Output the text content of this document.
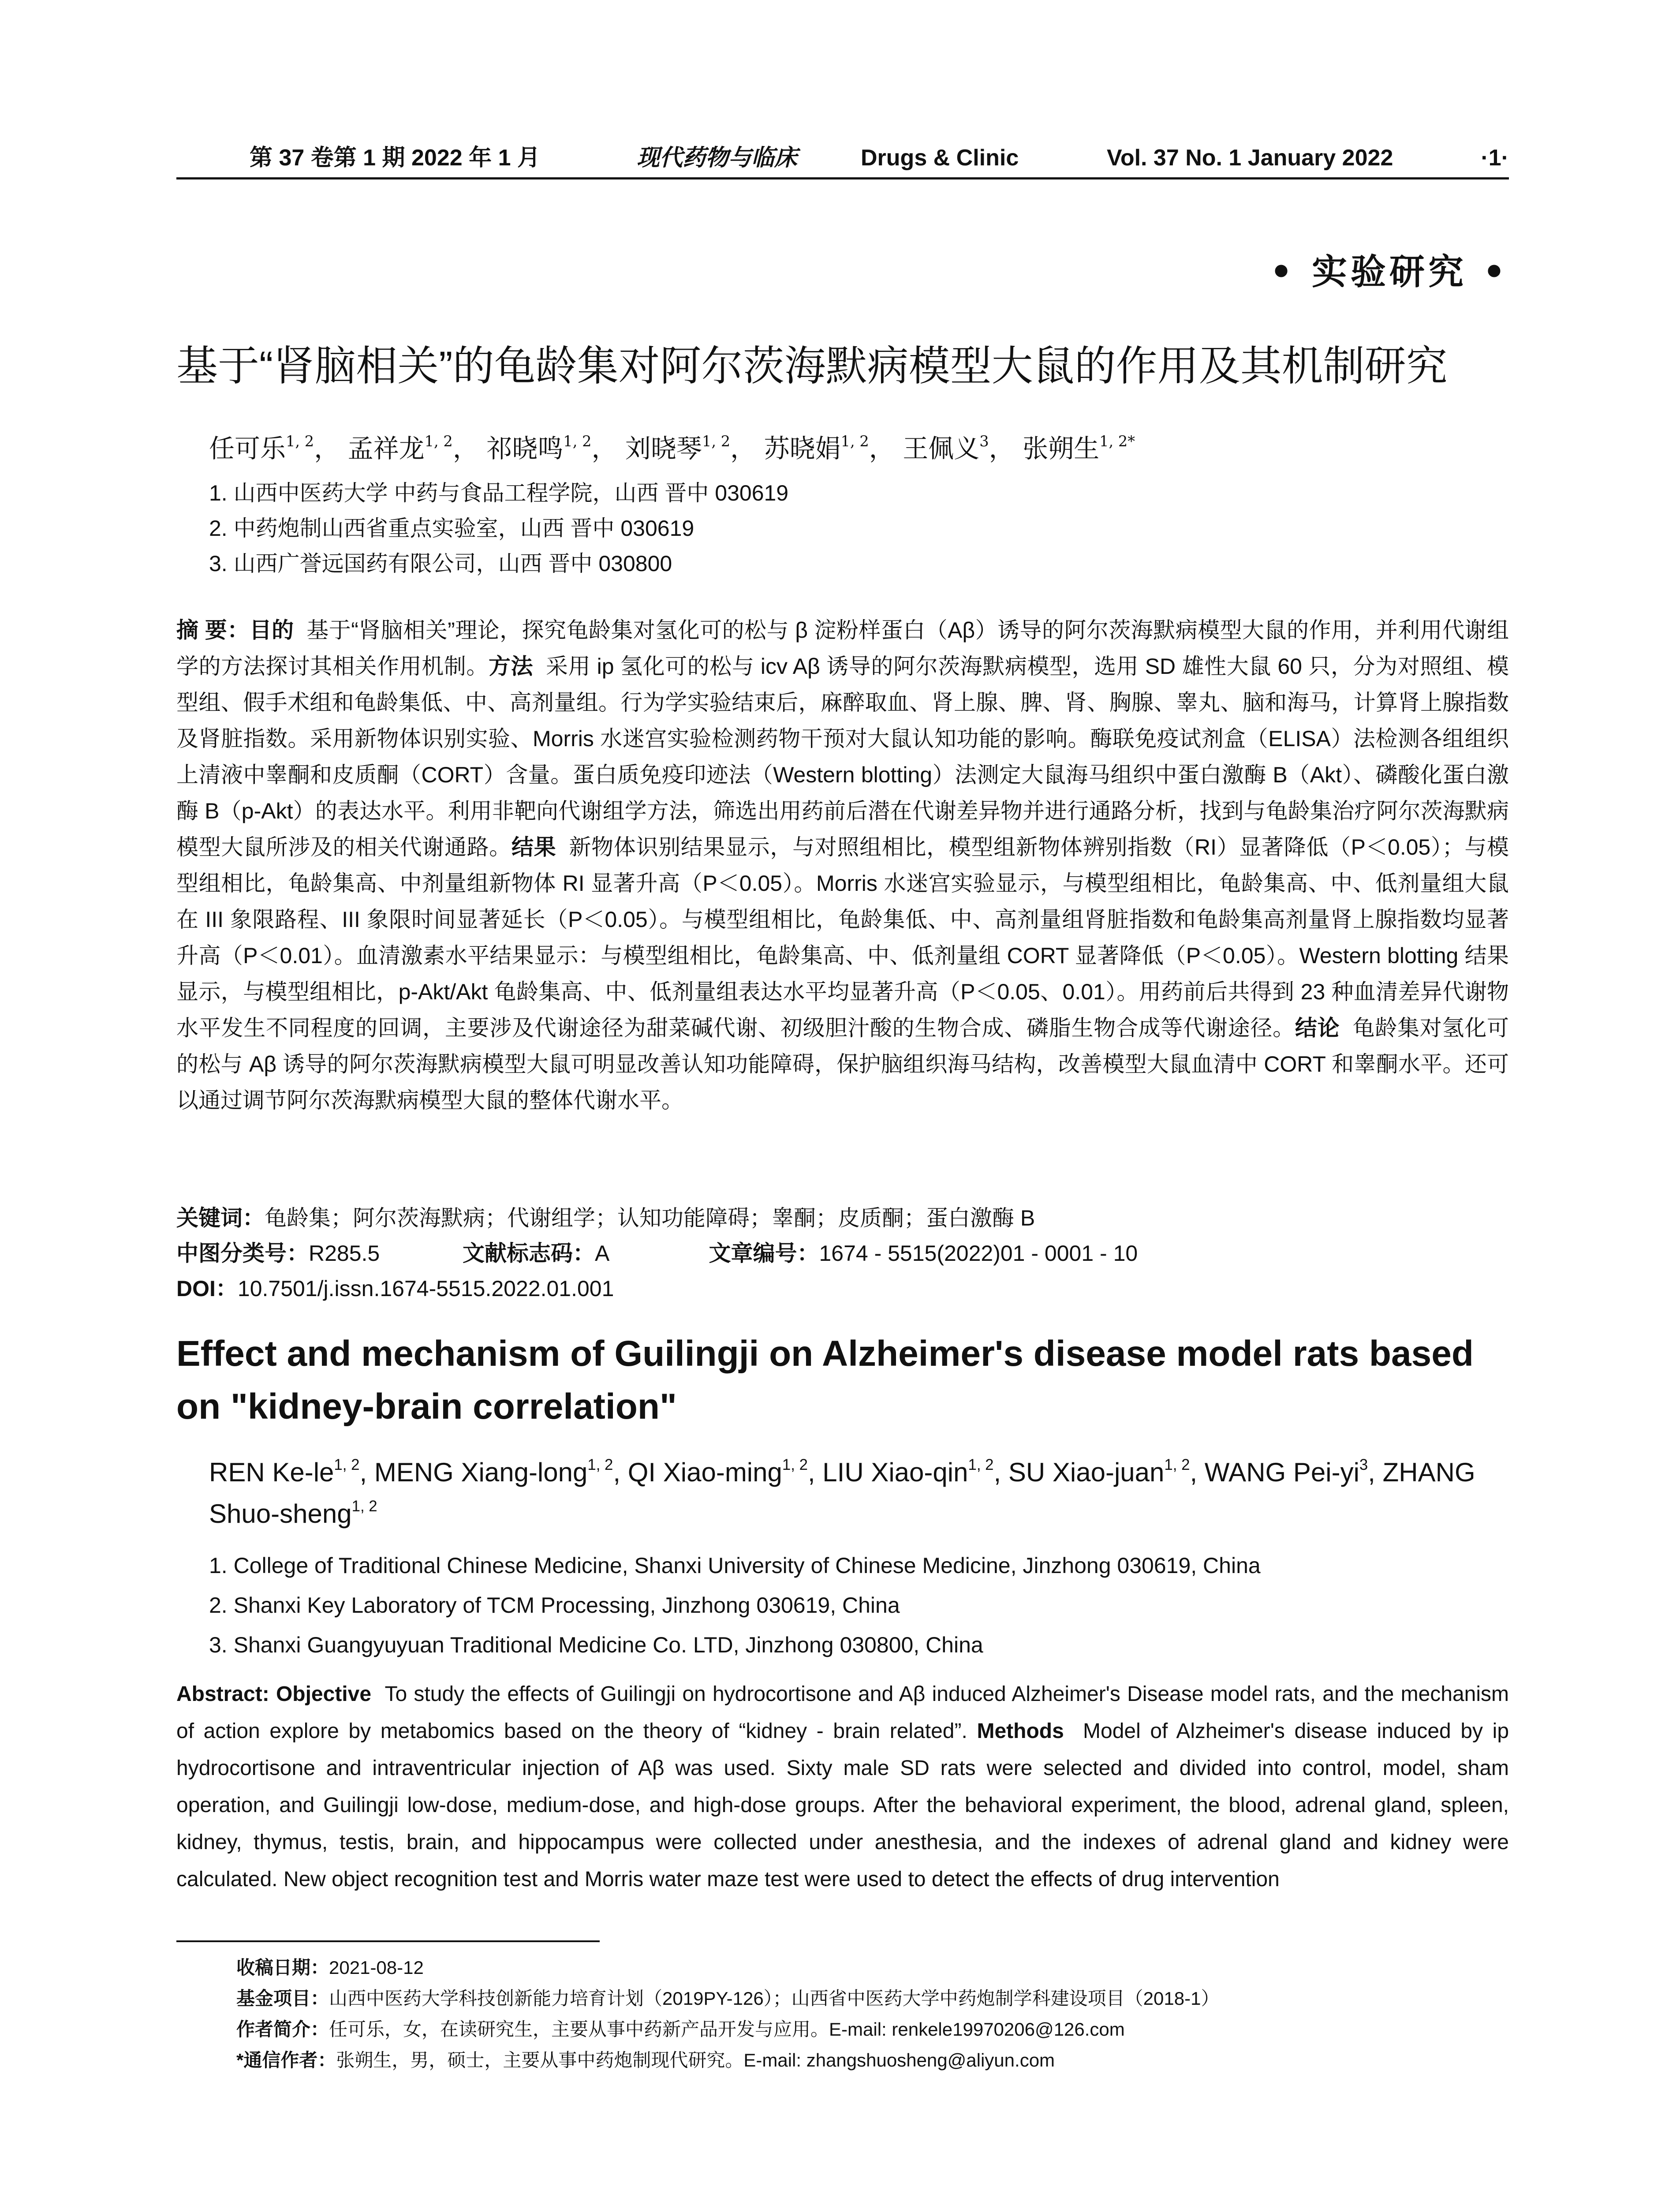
第 37 卷第 1 期 2022 年 1 月	现代药物与临床	Drugs & Clinic	Vol. 37 No. 1 January 2022	·1·
• 实验研究 •
基于“肾脑相关”的龟龄集对阿尔茨海默病模型大鼠的作用及其机制研究
任可乐$^{1, 2}$， 孟祥龙$^{1, 2}$， 祁晓鸣$^{1, 2}$， 刘晓琴$^{1, 2}$， 苏晓娟$^{1, 2}$， 王佩义$^3$， 张朔生$^{1, 2*}$
1. 山西中医药大学 中药与食品工程学院，山西 晋中 030619
2. 中药炮制山西省重点实验室，山西 晋中 030619
3. 山西广誉远国药有限公司，山西 晋中 030800
摘 要：目的 基于“肾脑相关”理论，探究龟龄集对氢化可的松与 β 淀粉样蛋白（Aβ）诱导的阿尔茨海默病模型大鼠的作用，并利用代谢组学的方法探讨其相关作用机制。方法 采用 ip 氢化可的松与 icv Aβ 诱导的阿尔茨海默病模型，选用 SD 雄性大鼠 60 只，分为对照组、模型组、假手术组和龟龄集低、中、高剂量组。行为学实验结束后，麻醉取血、肾上腺、脾、肾、胸腺、睾丸、脑和海马，计算肾上腺指数及肾脏指数。采用新物体识别实验、Morris 水迷宫实验检测药物干预对大鼠认知功能的影响。酶联免疫试剂盒（ELISA）法检测各组组织上清液中睾酮和皮质酮（CORT）含量。蛋白质免疫印迹法（Western blotting）法测定大鼠海马组织中蛋白激酶 B（Akt）、磷酸化蛋白激酶 B（p-Akt）的表达水平。利用非靶向代谢组学方法，筛选出用药前后潜在代谢差异物并进行通路分析，找到与龟龄集治疗阿尔茨海默病模型大鼠所涉及的相关代谢通路。结果 新物体识别结果显示，与对照组相比，模型组新物体辨别指数（RI）显著降低（P＜0.05）；与模型组相比，龟龄集高、中剂量组新物体 RI 显著升高（P＜0.05）。Morris 水迷宫实验显示，与模型组相比，龟龄集高、中、低剂量组大鼠在 III 象限路程、III 象限时间显著延长（P＜0.05）。与模型组相比，龟龄集低、中、高剂量组肾脏指数和龟龄集高剂量肾上腺指数均显著升高（P＜0.01）。血清激素水平结果显示：与模型组相比，龟龄集高、中、低剂量组 CORT 显著降低（P＜0.05）。Western blotting 结果显示，与模型组相比，p-Akt/Akt 龟龄集高、中、低剂量组表达水平均显著升高（P＜0.05、0.01）。用药前后共得到 23 种血清差异代谢物水平发生不同程度的回调，主要涉及代谢途径为甜菜碱代谢、初级胆汁酸的生物合成、磷脂生物合成等代谢途径。结论 龟龄集对氢化可的松与 Aβ 诱导的阿尔茨海默病模型大鼠可明显改善认知功能障碍，保护脑组织海马结构，改善模型大鼠血清中 CORT 和睾酮水平。还可以通过调节阿尔茨海默病模型大鼠的整体代谢水平。
关键词：龟龄集；阿尔茨海默病；代谢组学；认知功能障碍；睾酮；皮质酮；蛋白激酶 B
中图分类号：R285.5	文献标志码：A	文章编号：1674 - 5515(2022)01 - 0001 - 10
DOI：10.7501/j.issn.1674-5515.2022.01.001
Effect and mechanism of Guilingji on Alzheimer's disease model rats based on "kidney-brain correlation"
REN Ke-le$^{1, 2}$, MENG Xiang-long$^{1, 2}$, QI Xiao-ming$^{1, 2}$, LIU Xiao-qin$^{1, 2}$, SU Xiao-juan$^{1, 2}$, WANG Pei-$yi^3$, ZHANG Shuo-sheng$^{1, 2}$
1. College of Traditional Chinese Medicine, Shanxi University of Chinese Medicine, Jinzhong 030619, China
2. Shanxi Key Laboratory of TCM Processing, Jinzhong 030619, China
3. Shanxi Guangyuyuan Traditional Medicine Co. LTD, Jinzhong 030800, China
Abstract: Objective To study the effects of Guilingji on hydrocortisone and Aβ induced Alzheimer's Disease model rats, and the mechanism of action explore by metabomics based on the theory of “kidney - brain related”. Methods Model of Alzheimer's disease induced by ip hydrocortisone and intraventricular injection of Aβ was used. Sixty male SD rats were selected and divided into control, model, sham operation, and Guilingji low-dose, medium-dose, and high-dose groups. After the behavioral experiment, the blood, adrenal gland, spleen, kidney, thymus, testis, brain, and hippocampus were collected under anesthesia, and the indexes of adrenal gland and kidney were calculated. New object recognition test and Morris water maze test were used to detect the effects of drug intervention
收稿日期：2021-08-12
基金项目：山西中医药大学科技创新能力培育计划（2019PY-126）；山西省中医药大学中药炮制学科建设项目（2018-1）
作者简介：任可乐，女，在读研究生，主要从事中药新产品开发与应用。E-mail: renkele19970206@126.com
*通信作者：张朔生，男，硕士，主要从事中药炮制现代研究。E-mail: zhangshuosheng@aliyun.com
